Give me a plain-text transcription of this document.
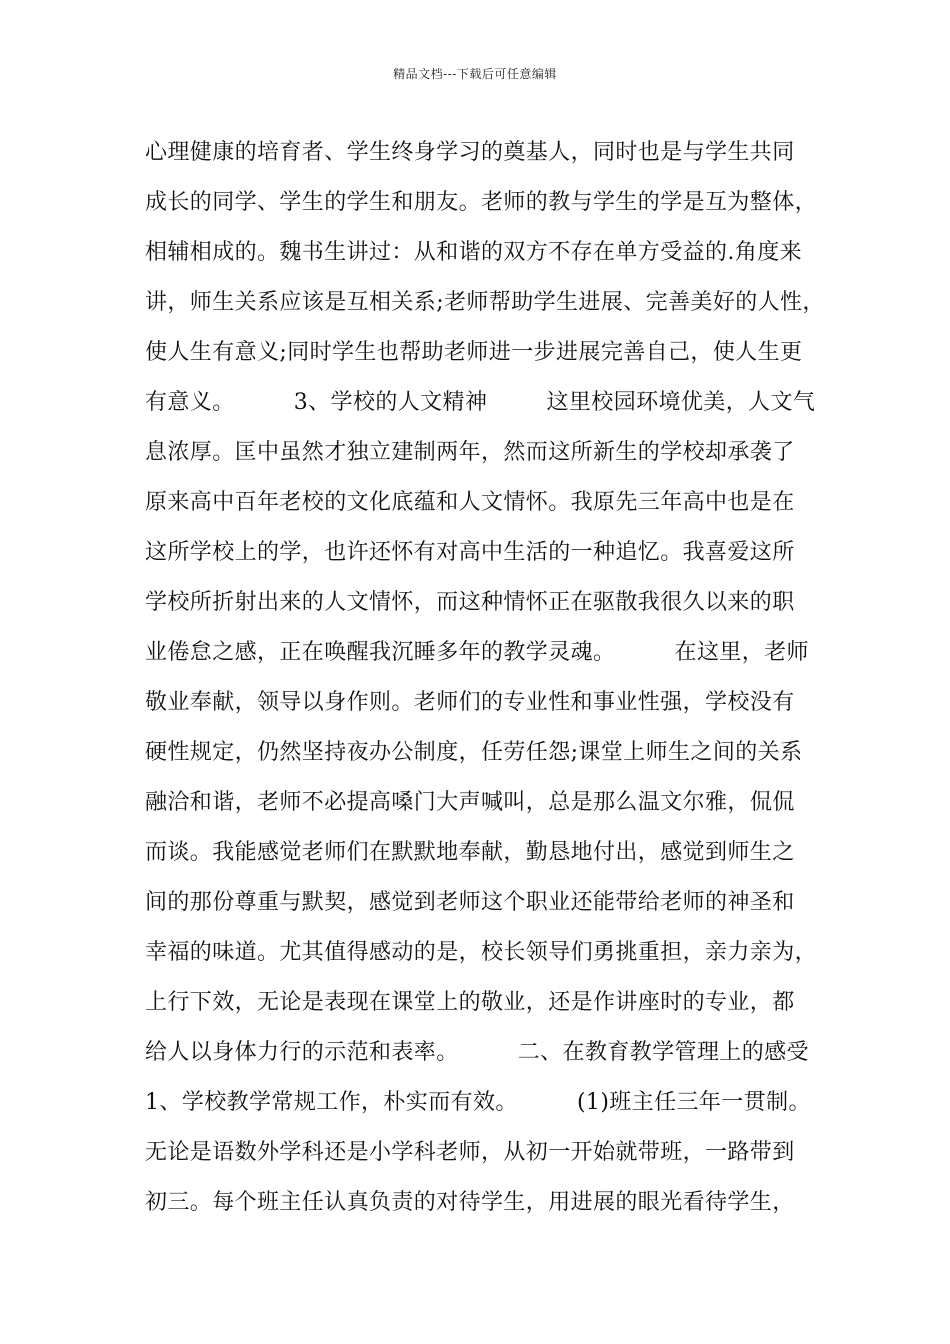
精品文档---下载后可任意编辑
心理健康的培育者、学生终身学习的奠基人，同时也是与学生共同
成长的同学、学生的学生和朋友。老师的教与学生的学是互为整体，
相辅相成的。魏书生讲过：从和谐的双方不存在单方受益的.角度来
讲，师生关系应该是互相关系;老师帮助学生进展、完善美好的人性，
使人生有意义;同时学生也帮助老师进一步进展完善自己，使人生更
有意义。        3、学校的人文精神        这里校园环境优美，人文气
息浓厚。匡中虽然才独立建制两年，然而这所新生的学校却承袭了
原来高中百年老校的文化底蕴和人文情怀。我原先三年高中也是在
这所学校上的学，也许还怀有对高中生活的一种追忆。我喜爱这所
学校所折射出来的人文情怀，而这种情怀正在驱散我很久以来的职
业倦怠之感，正在唤醒我沉睡多年的教学灵魂。        在这里，老师
敬业奉献，领导以身作则。老师们的专业性和事业性强，学校没有
硬性规定，仍然坚持夜办公制度，任劳任怨;课堂上师生之间的关系
融洽和谐，老师不必提高嗓门大声喊叫，总是那么温文尔雅，侃侃
而谈。我能感觉老师们在默默地奉献，勤恳地付出，感觉到师生之
间的那份尊重与默契，感觉到老师这个职业还能带给老师的神圣和
幸福的味道。尤其值得感动的是，校长领导们勇挑重担，亲力亲为，
上行下效，无论是表现在课堂上的敬业，还是作讲座时的专业，都
给人以身体力行的示范和表率。        二、在教育教学管理上的感受
1、学校教学常规工作，朴实而有效。        (1)班主任三年一贯制。
无论是语数外学科还是小学科老师，从初一开始就带班，一路带到
初三。每个班主任认真负责的对待学生，用进展的眼光看待学生，
